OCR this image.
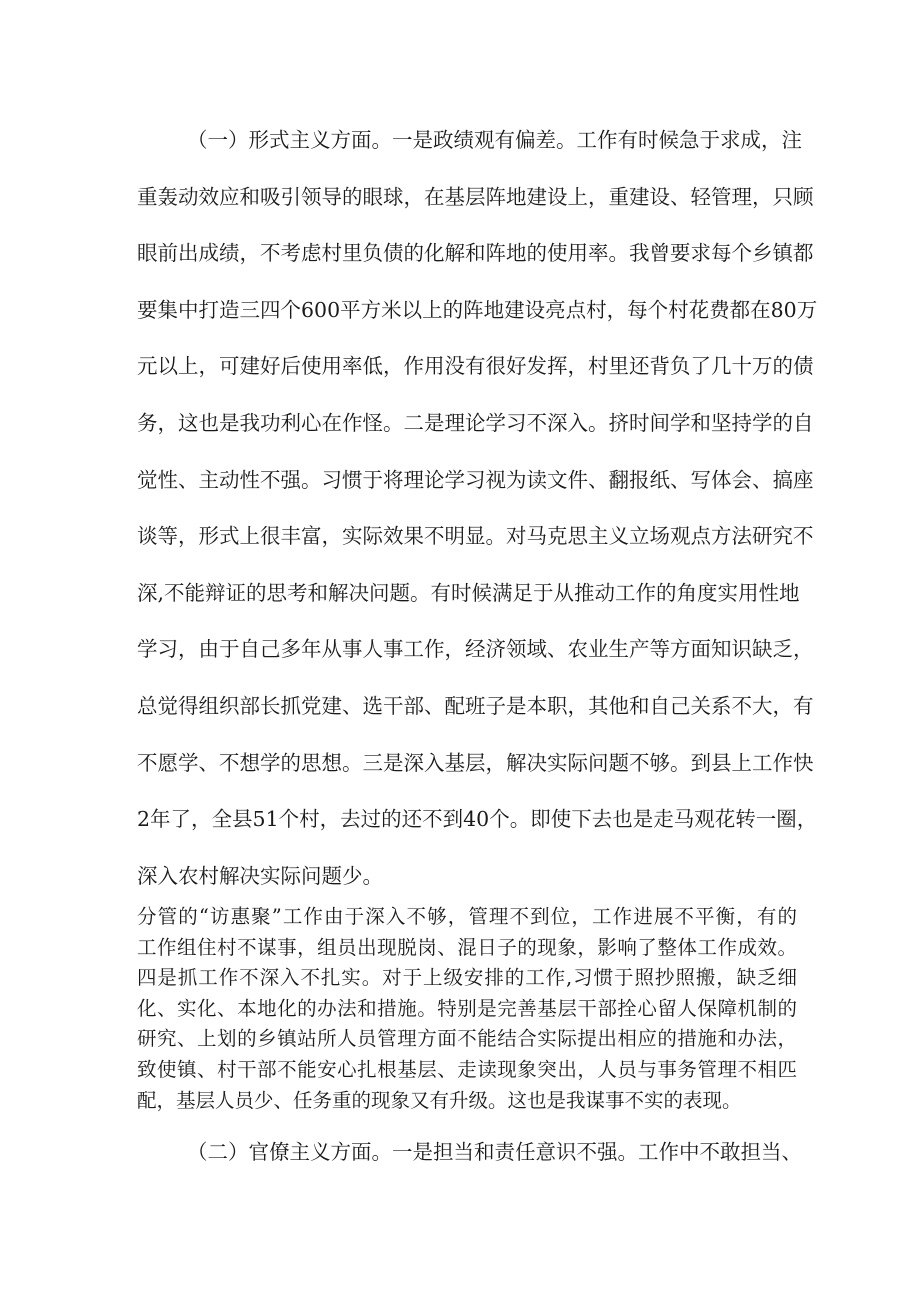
（一）形式主义方面。一是政绩观有偏差。工作有时候急于求成，注
重轰动效应和吸引领导的眼球，在基层阵地建设上，重建设、轻管理，只顾
眼前出成绩，不考虑村里负债的化解和阵地的使用率。我曾要求每个乡镇都
要集中打造三四个600平方米以上的阵地建设亮点村，每个村花费都在80万
元以上，可建好后使用率低，作用没有很好发挥，村里还背负了几十万的债
务，这也是我功利心在作怪。二是理论学习不深入。挤时间学和坚持学的自
觉性、主动性不强。习惯于将理论学习视为读文件、翻报纸、写体会、搞座
谈等，形式上很丰富，实际效果不明显。对马克思主义立场观点方法研究不
深,不能辩证的思考和解决问题。有时候满足于从推动工作的角度实用性地
学习，由于自己多年从事人事工作，经济领域、农业生产等方面知识缺乏，
总觉得组织部长抓党建、选干部、配班子是本职，其他和自己关系不大，有
不愿学、不想学的思想。三是深入基层，解决实际问题不够。到县上工作快
2年了，全县51个村，去过的还不到40个。即使下去也是走马观花转一圈，
深入农村解决实际问题少。
分管的“访惠聚”工作由于深入不够，管理不到位，工作进展不平衡，有的
工作组住村不谋事，组员出现脱岗、混日子的现象，影响了整体工作成效。
四是抓工作不深入不扎实。对于上级安排的工作,习惯于照抄照搬，缺乏细
化、实化、本地化的办法和措施。特别是完善基层干部拴心留人保障机制的
研究、上划的乡镇站所人员管理方面不能结合实际提出相应的措施和办法，
致使镇、村干部不能安心扎根基层、走读现象突出，人员与事务管理不相匹
配，基层人员少、任务重的现象又有升级。这也是我谋事不实的表现。
（二）官僚主义方面。一是担当和责任意识不强。工作中不敢担当、
